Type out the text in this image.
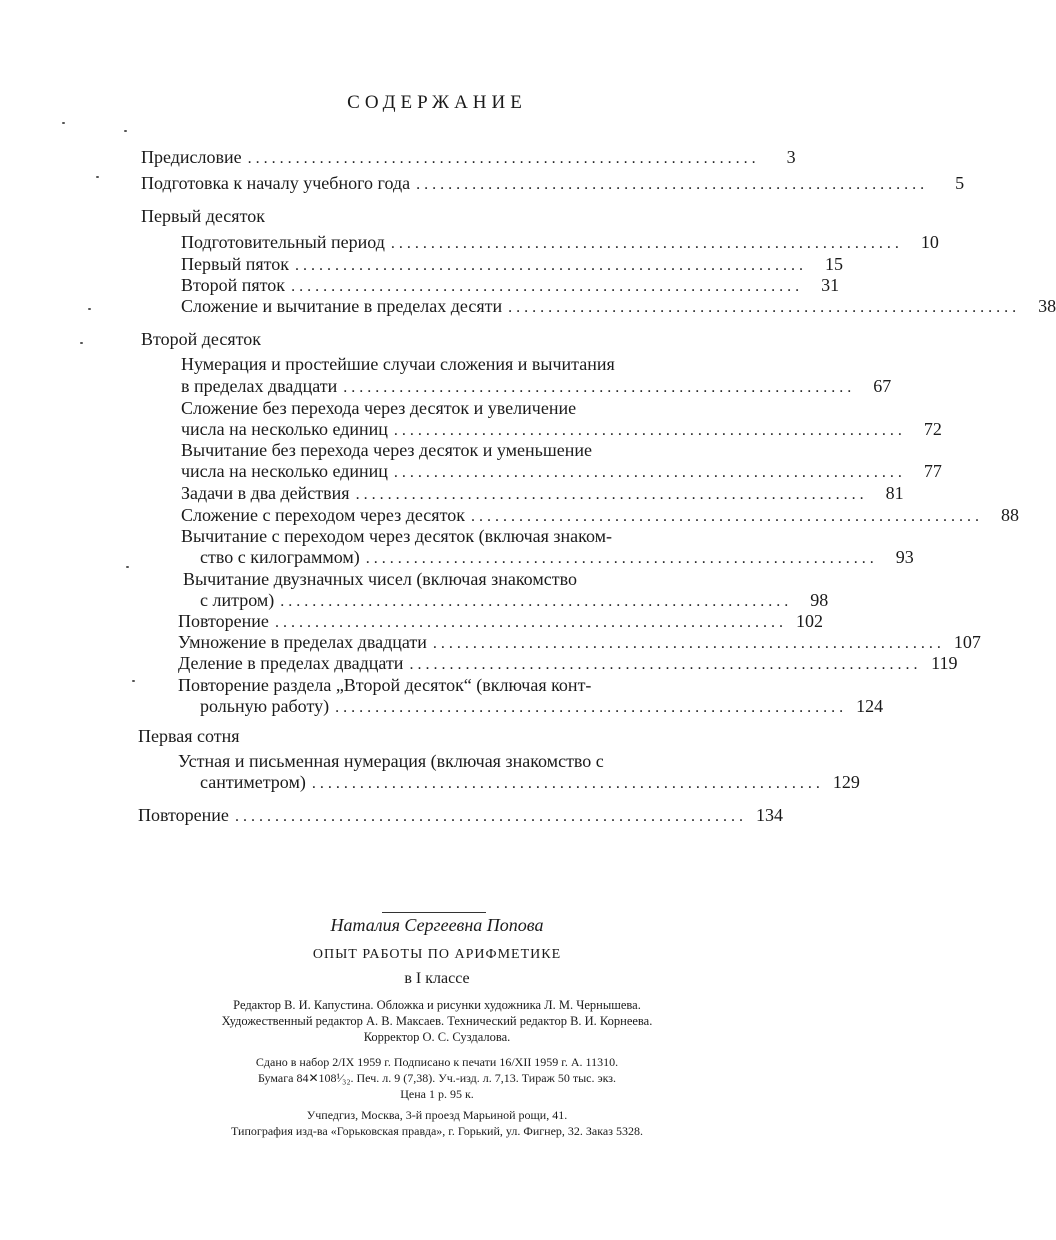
СОДЕРЖАНИЕ
Предисловие ................................................................	3
Подготовка к началу учебного года ................................................................	5
Первый десяток
Подготовительный период ................................................................	10
Первый пяток ................................................................	15
Второй пяток ................................................................	31
Сложение и вычитание в пределах десяти ................................................................	38
Второй десяток
Нумерация и простейшие случаи сложения и вычитания
в пределах двадцати ................................................................	67
Сложение без перехода через десяток и увеличение
числа на несколько единиц ................................................................	72
Вычитание без перехода через десяток и уменьшение
числа на несколько единиц ................................................................	77
Задачи в два действия ................................................................	81
Сложение с переходом через десяток ................................................................	88
Вычитание с переходом через десяток (включая знаком-
ство с килограммом) ................................................................	93
Вычитание двузначных чисел (включая знакомство
с литром) ................................................................	98
Повторение ................................................................ 102
Умножение в пределах двадцати ................................................................ 107
Деление в пределах двадцати ................................................................ 119
Повторение раздела „Второй десяток“ (включая конт-
рольную работу) ................................................................ 124
Первая сотня
Устная и письменная нумерация (включая знакомство с
сантиметром) ................................................................ 129
Повторение ................................................................ 134
Наталия Сергеевна Попова
ОПЫТ РАБОТЫ ПО АРИФМЕТИКЕ
в I классе
Редактор В. И. Капустина. Обложка и рисунки художника Л. М. Чернышева.
Художественный редактор А. В. Максаев. Технический редактор В. И. Корнеева.
Корректор О. С. Суздалова.
Сдано в набор 2/IX 1959 г. Подписано к печати 16/XII 1959 г. А. 11310.
Бумага 84✕108¹⁄₃₂. Печ. л. 9 (7,38). Уч.-изд. л. 7,13. Тираж 50 тыс. экз.
Цена 1 р. 95 к.
Учпедгиз, Москва, 3-й проезд Марьиной рощи, 41.
Типография изд-ва «Горьковская правда», г. Горький, ул. Фигнер, 32. Заказ 5328.
